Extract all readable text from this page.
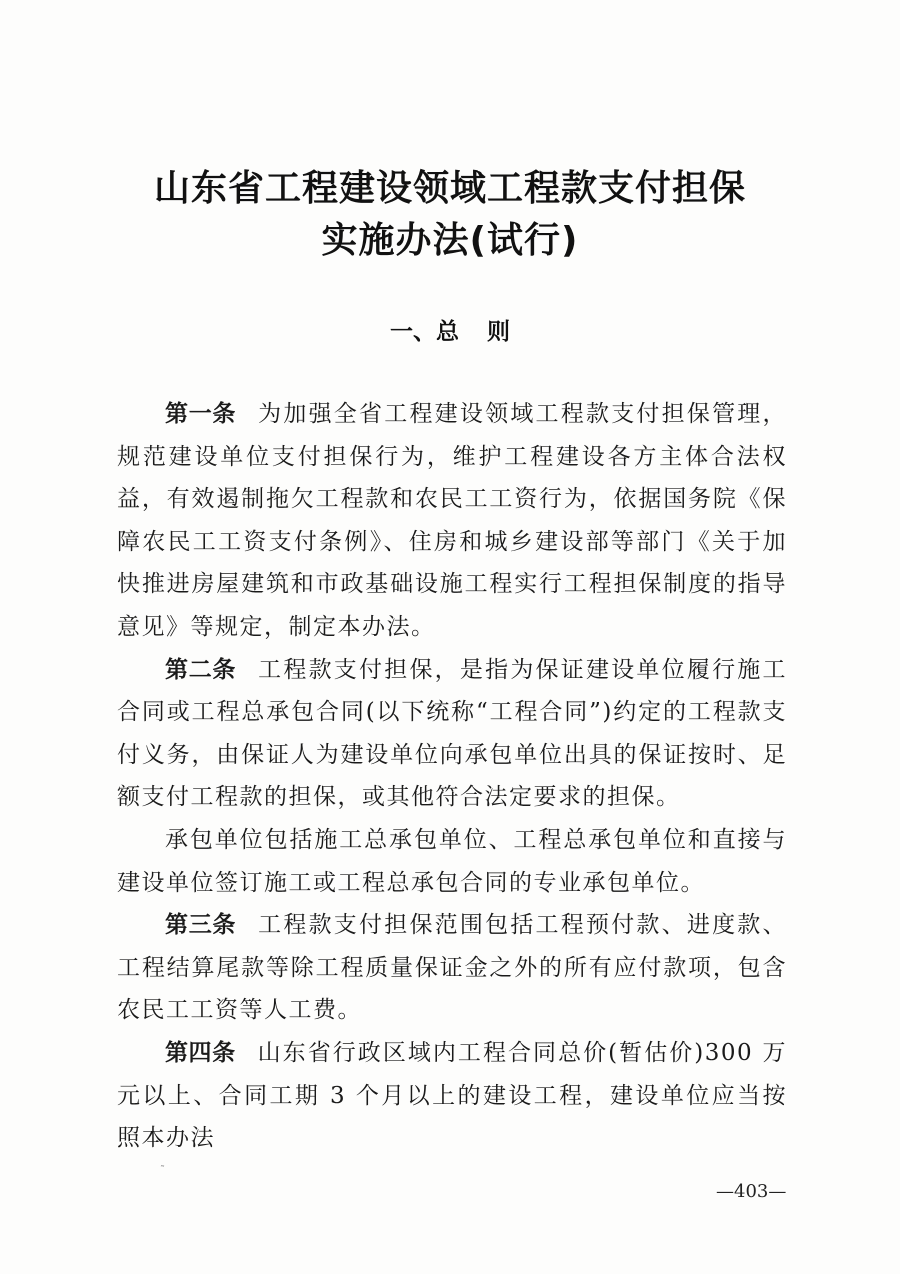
山东省工程建设领域工程款支付担保
实施办法(试行)
一、总 则

第一条 为加强全省工程建设领域工程款支付担保管理，规范建设单位支付担保行为，维护工程建设各方主体合法权益，有效遏制拖欠工程款和农民工工资行为，依据国务院《保障农民工工资支付条例》、住房和城乡建设部等部门《关于加快推进房屋建筑和市政基础设施工程实行工程担保制度的指导意见》等规定，制定本办法。

第二条 工程款支付担保，是指为保证建设单位履行施工合同或工程总承包合同(以下统称“工程合同”)约定的工程款支付义务，由保证人为建设单位向承包单位出具的保证按时、足额支付工程款的担保，或其他符合法定要求的担保。

承包单位包括施工总承包单位、工程总承包单位和直接与建设单位签订施工或工程总承包合同的专业承包单位。

第三条 工程款支付担保范围包括工程预付款、进度款、工程结算尾款等除工程质量保证金之外的所有应付款项，包含农民工工资等人工费。

第四条 山东省行政区域内工程合同总价(暂估价)300 万元以上、合同工期 3 个月以上的建设工程，建设单位应当按照本办法

˜
—403—
